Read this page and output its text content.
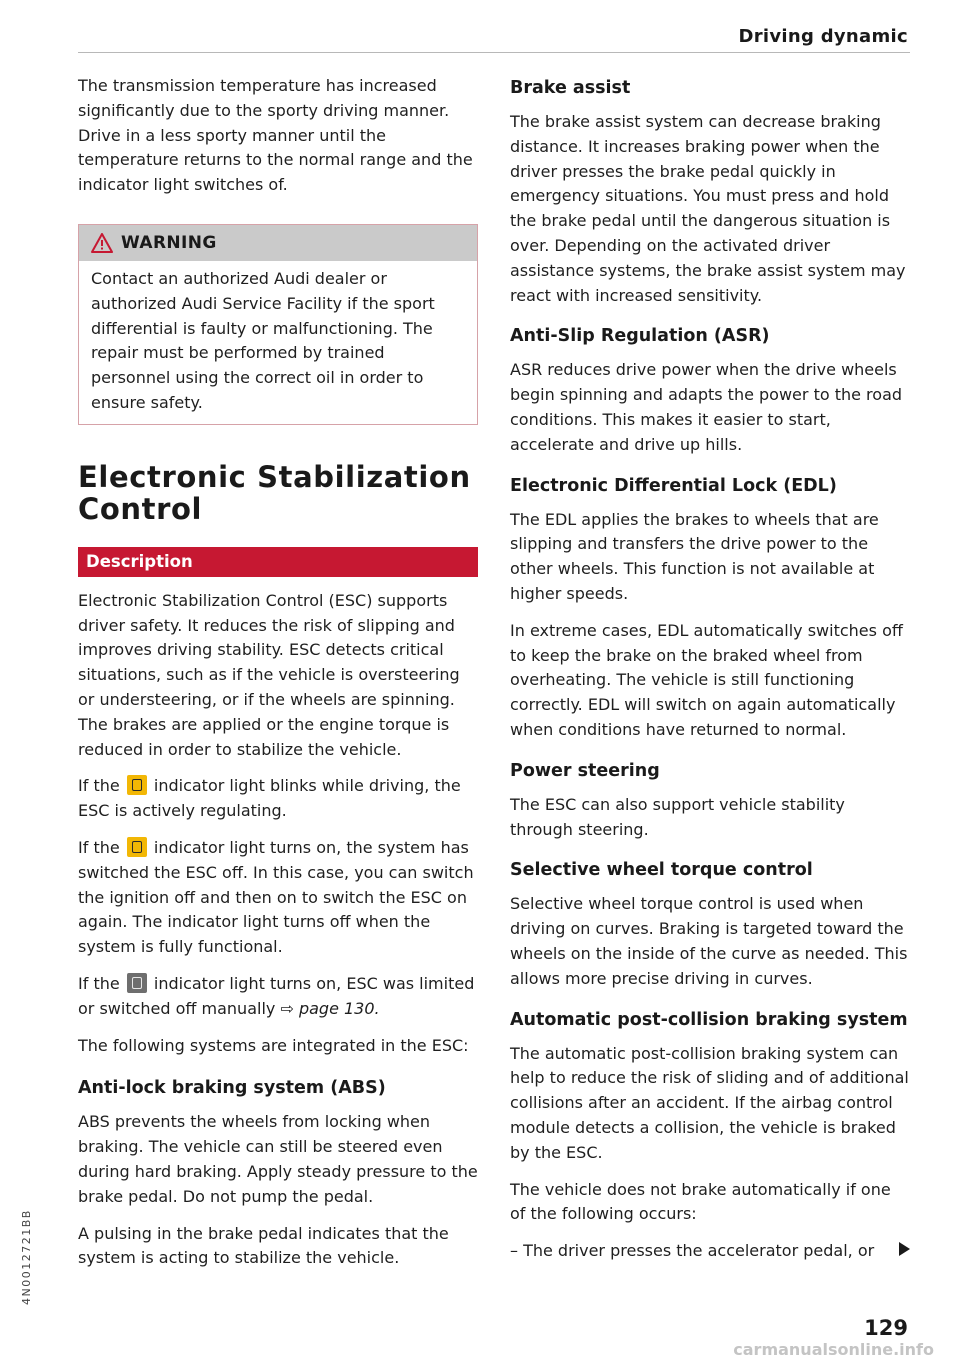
Driving dynamic

The transmission temperature has increased significantly due to the sporty driving manner. Drive in a less sporty manner until the temperature returns to the normal range and the indicator light switches of.

WARNING

Contact an authorized Audi dealer or authorized Audi Service Facility if the sport differential is faulty or malfunctioning. The repair must be performed by trained personnel using the correct oil in order to ensure safety.

Electronic Stabilization Control
Description

Electronic Stabilization Control (ESC) supports driver safety. It reduces the risk of slipping and improves driving stability. ESC detects critical situations, such as if the vehicle is oversteering or understeering, or if the wheels are spinning. The brakes are applied or the engine torque is reduced in order to stabilize the vehicle.

If the indicator light blinks while driving, the ESC is actively regulating.

If the indicator light turns on, the system has switched the ESC off. In this case, you can switch the ignition off and then on to switch the ESC on again. The indicator light turns off when the system is fully functional.

If the indicator light turns on, ESC was limited or switched off manually ⇨ page 130.

The following systems are integrated in the ESC:

Anti-lock braking system (ABS)

ABS prevents the wheels from locking when braking. The vehicle can still be steered even during hard braking. Apply steady pressure to the brake pedal. Do not pump the pedal.

A pulsing in the brake pedal indicates that the system is acting to stabilize the vehicle.

Brake assist

The brake assist system can decrease braking distance. It increases braking power when the driver presses the brake pedal quickly in emergency situations. You must press and hold the brake pedal until the dangerous situation is over. Depending on the activated driver assistance systems, the brake assist system may react with increased sensitivity.

Anti-Slip Regulation (ASR)

ASR reduces drive power when the drive wheels begin spinning and adapts the power to the road conditions. This makes it easier to start, accelerate and drive up hills.

Electronic Differential Lock (EDL)

The EDL applies the brakes to wheels that are slipping and transfers the drive power to the other wheels. This function is not available at higher speeds.

In extreme cases, EDL automatically switches off to keep the brake on the braked wheel from overheating. The vehicle is still functioning correctly. EDL will switch on again automatically when conditions have returned to normal.

Power steering

The ESC can also support vehicle stability through steering.

Selective wheel torque control

Selective wheel torque control is used when driving on curves. Braking is targeted toward the wheels on the inside of the curve as needed. This allows more precise driving in curves.

Automatic post-collision braking system

The automatic post-collision braking system can help to reduce the risk of sliding and of additional collisions after an accident. If the airbag control module detects a collision, the vehicle is braked by the ESC.

The vehicle does not brake automatically if one of the following occurs:

– The driver presses the accelerator pedal, or

129
4N0012721BB
carmanualsonline.info
